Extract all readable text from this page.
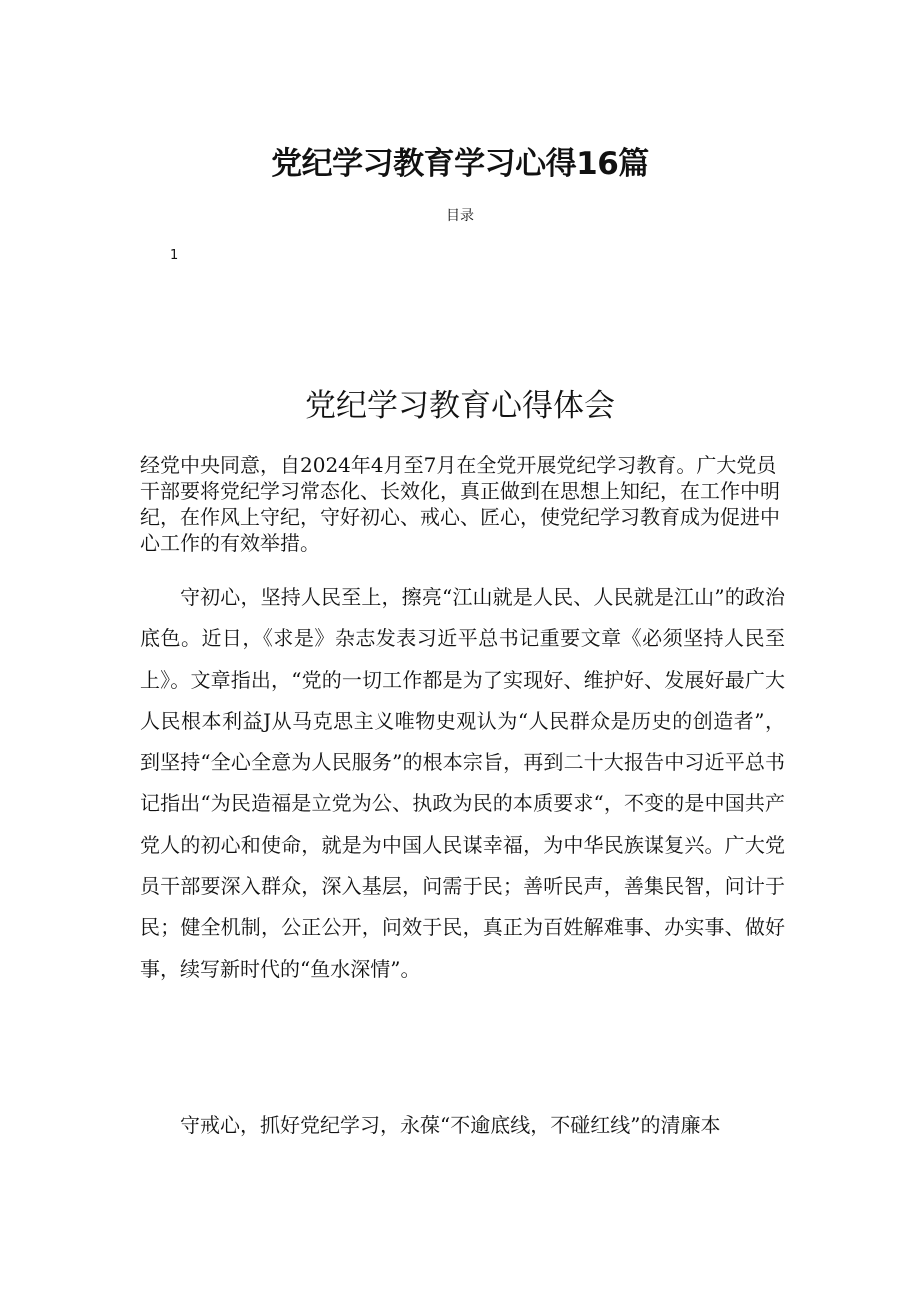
党纪学习教育学习心得16篇
目录
1
党纪学习教育心得体会
经党中央同意，自2024年4月至7月在全党开展党纪学习教育。广大党员干部要将党纪学习常态化、长效化，真正做到在思想上知纪，在工作中明纪，在作风上守纪，守好初心、戒心、匠心，使党纪学习教育成为促进中心工作的有效举措。

守初心，坚持人民至上，擦亮“江山就是人民、人民就是江山”的政治底色。近日，《求是》杂志发表习近平总书记重要文章《必须坚持人民至上》。文章指出，“党的一切工作都是为了实现好、维护好、发展好最广大人民根本利益J从马克思主义唯物史观认为“人民群众是历史的创造者”，到坚持“全心全意为人民服务”的根本宗旨，再到二十大报告中习近平总书记指出“为民造福是立党为公、执政为民的本质要求“，不变的是中国共产党人的初心和使命，就是为中国人民谋幸福，为中华民族谋复兴。广大党员干部要深入群众，深入基层，问需于民；善听民声，善集民智，问计于民；健全机制，公正公开，问效于民，真正为百姓解难事、办实事、做好事，续写新时代的“鱼水深情”。

守戒心，抓好党纪学习，永葆“不逾底线，不碰红线”的清廉本
